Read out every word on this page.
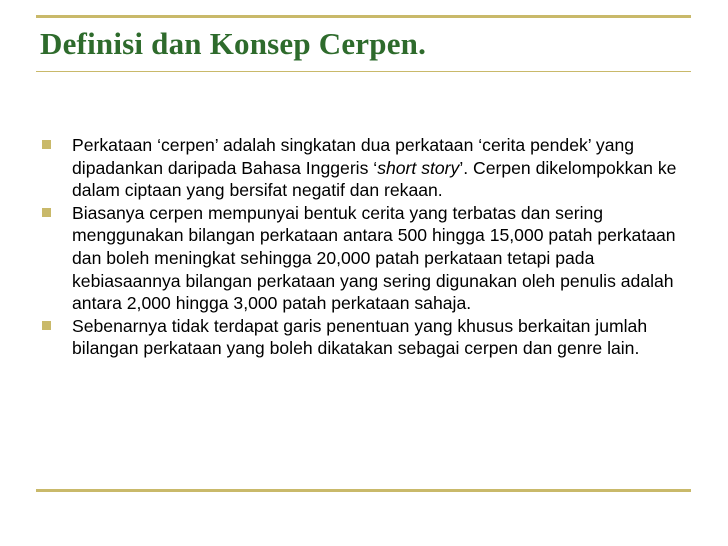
Definisi dan Konsep Cerpen.
Perkataan ‘cerpen’ adalah singkatan dua perkataan ‘cerita pendek’ yang dipadankan daripada Bahasa Inggeris ‘short story’. Cerpen dikelompokkan ke dalam ciptaan yang bersifat negatif dan rekaan.
Biasanya cerpen mempunyai bentuk cerita yang terbatas dan sering menggunakan bilangan perkataan antara 500 hingga 15,000 patah perkataan dan boleh meningkat sehingga 20,000 patah perkataan tetapi pada kebiasaannya bilangan perkataan yang sering digunakan oleh penulis adalah antara 2,000 hingga 3,000 patah perkataan sahaja.
Sebenarnya tidak terdapat garis penentuan yang khusus berkaitan jumlah bilangan perkataan yang boleh dikatakan sebagai cerpen dan genre lain.
